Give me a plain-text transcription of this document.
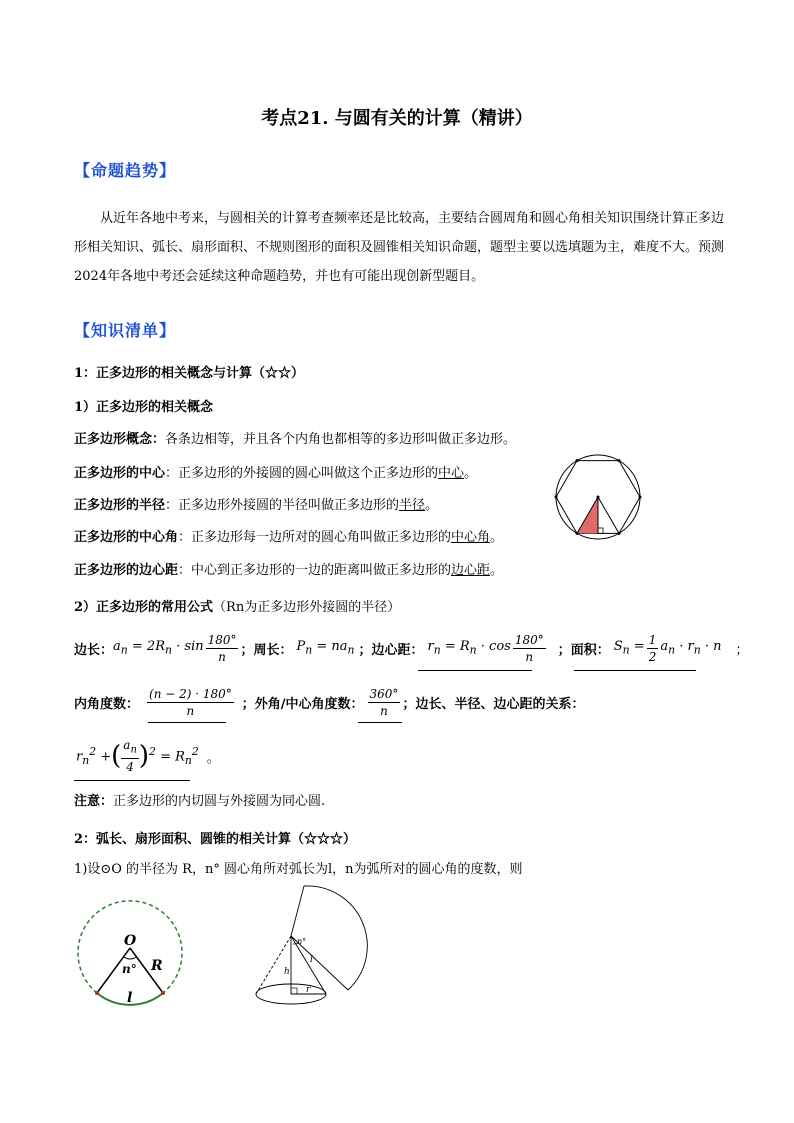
考点21. 与圆有关的计算（精讲）
【命题趋势】
从近年各地中考来，与圆相关的计算考查频率还是比较高，主要结合圆周角和圆心角相关知识围绕计算正多边形相关知识、弧长、扇形面积、不规则图形的面积及圆锥相关知识命题，题型主要以选填题为主，难度不大。预测2024年各地中考还会延续这种命题趋势，并也有可能出现创新型题目。
【知识清单】
1：正多边形的相关概念与计算（☆☆）
1）正多边形的相关概念
正多边形概念：各条边相等，并且各个内角也都相等的多边形叫做正多边形。
正多边形的中心：正多边形的外接圆的圆心叫做这个正多边形的中心。
正多边形的半径：正多边形外接圆的半径叫做正多边形的半径。
正多边形的中心角：正多边形每一边所对的圆心角叫做正多边形的中心角。
正多边形的边心距：中心到正多边形的一边的距离叫做正多边形的边心距。
2）正多边形的常用公式（Rn为正多边形外接圆的半径）
边长： $a_n = 2R_n \cdot \sin \frac{180^\circ}{n}$ ；周长： $P_n = na_n$ ；边心距： $r_n = R_n \cdot \cos \frac{180^\circ}{n}$ ；面积： $S_n = \frac{1}{2} a_n \cdot r_n \cdot n$ ；
内角度数： $\frac{(n - 2) \cdot 180^\circ}{n}$ ；外角/中心角度数： $\frac{360^\circ}{n}$ ；边长、半径、边心距的关系：
$r_n^2$ + ( $\frac{a_n}{4}$ ) $^2 = R_n^2$ 。
注意：正多边形的内切圆与外接圆为同心圆.
2：弧长、扇形面积、圆锥的相关计算（☆☆☆）
1)设⊙O 的半径为 R，n° 圆心角所对弧长为l，n为弧所对的圆心角的度数，则
O
n° R
l
n°
h
l
r
